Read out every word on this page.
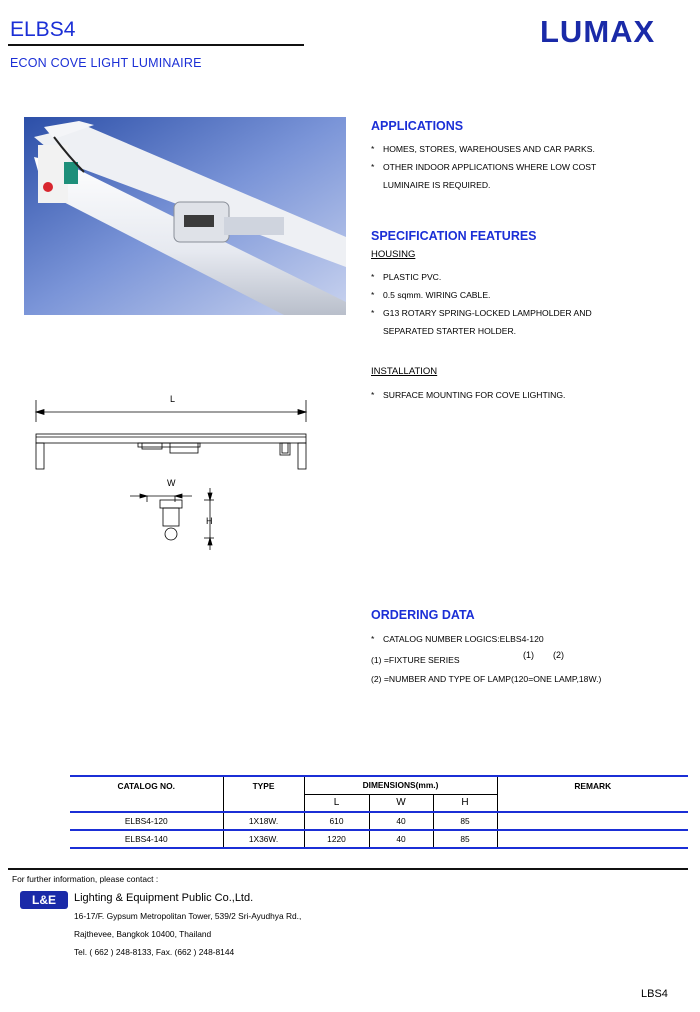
ELBS4
ECON COVE LIGHT LUMINAIRE
LUMAX
APPLICATIONS
* HOMES, STORES, WAREHOUSES AND CAR PARKS.
* OTHER INDOOR APPLICATIONS WHERE LOW COST
LUMINAIRE IS REQUIRED.
SPECIFICATION FEATURES
HOUSING
* PLASTIC PVC.
* 0.5 sqmm. WIRING CABLE.
* G13 ROTARY SPRING-LOCKED LAMPHOLDER AND
SEPARATED STARTER HOLDER.
INSTALLATION
* SURFACE MOUNTING FOR COVE LIGHTING.
L
W
H
ORDERING DATA
* CATALOG NUMBER LOGICS:ELBS4-120
(1) (2)
(1) =FIXTURE SERIES
(2) =NUMBER AND TYPE OF LAMP(120=ONE LAMP,18W.)
CATALOG NO.	TYPE	DIMENSIONS(mm.)			REMARK
		L	W	H	
ELBS4-120	1X18W.	610	40	85	
ELBS4-140	1X36W.	1220	40	85	
For further information, please contact :
L&E	Lighting & Equipment Public Co.,Ltd.
16-17/F. Gypsum Metropolitan Tower, 539/2 Sri-Ayudhya Rd.,
Rajthevee, Bangkok 10400, Thailand
Tel. ( 662 ) 248-8133, Fax. (662 ) 248-8144
LBS4
